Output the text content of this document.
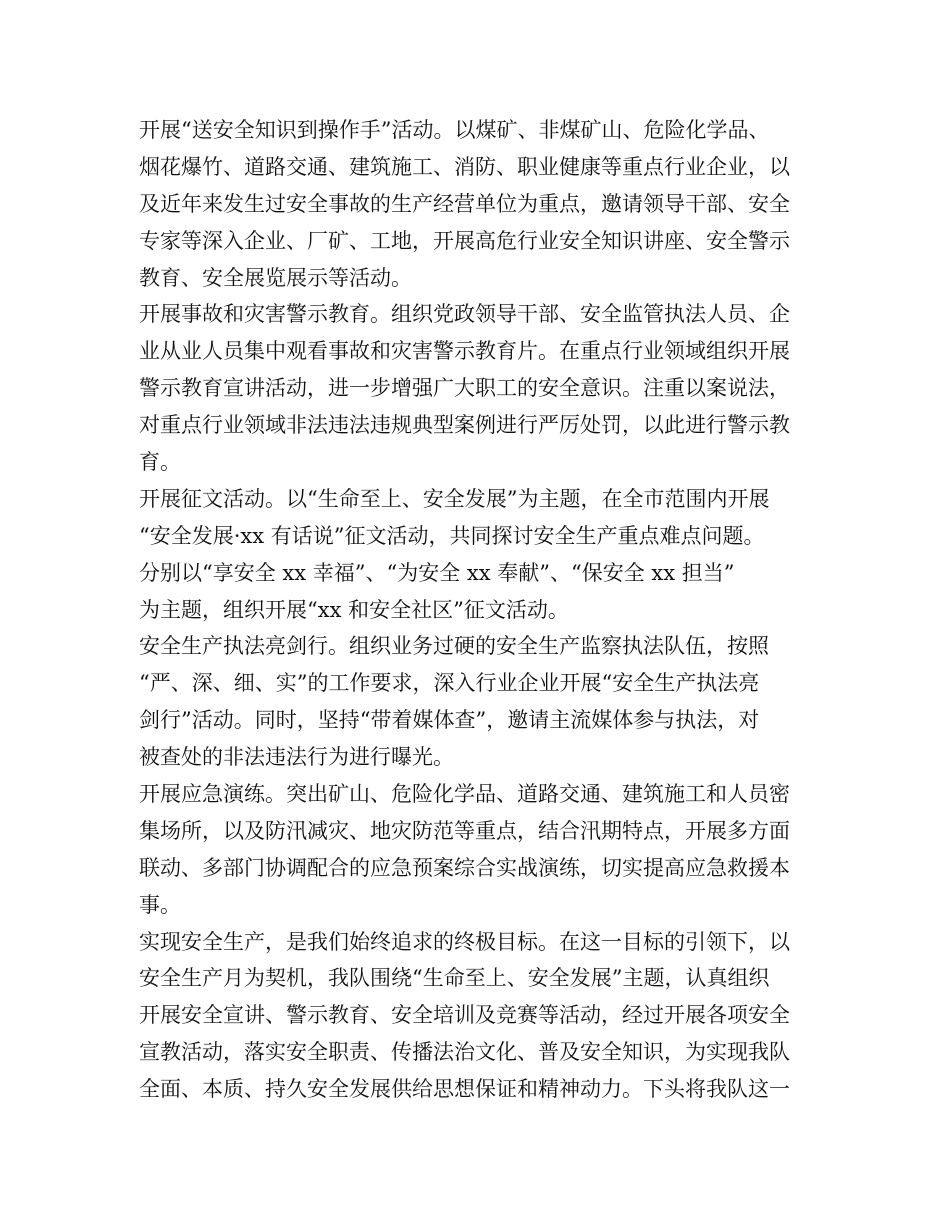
开展“送安全知识到操作手”活动。以煤矿、非煤矿山、危险化学品、
烟花爆竹、道路交通、建筑施工、消防、职业健康等重点行业企业，以
及近年来发生过安全事故的生产经营单位为重点，邀请领导干部、安全
专家等深入企业、厂矿、工地，开展高危行业安全知识讲座、安全警示
教育、安全展览展示等活动。

开展事故和灾害警示教育。组织党政领导干部、安全监管执法人员、企
业从业人员集中观看事故和灾害警示教育片。在重点行业领域组织开展
警示教育宣讲活动，进一步增强广大职工的安全意识。注重以案说法，
对重点行业领域非法违法违规典型案例进行严厉处罚，以此进行警示教
育。

开展征文活动。以“生命至上、安全发展”为主题，在全市范围内开展
“安全发展·xx 有话说”征文活动，共同探讨安全生产重点难点问题。
分别以“享安全 xx 幸福”、“为安全 xx 奉献”、“保安全 xx 担当”
为主题，组织开展“xx 和安全社区”征文活动。

安全生产执法亮剑行。组织业务过硬的安全生产监察执法队伍，按照
“严、深、细、实”的工作要求，深入行业企业开展“安全生产执法亮
剑行”活动。同时，坚持“带着媒体查”，邀请主流媒体参与执法，对
被查处的非法违法行为进行曝光。

开展应急演练。突出矿山、危险化学品、道路交通、建筑施工和人员密
集场所，以及防汛减灾、地灾防范等重点，结合汛期特点，开展多方面
联动、多部门协调配合的应急预案综合实战演练，切实提高应急救援本
事。

实现安全生产，是我们始终追求的终极目标。在这一目标的引领下，以
安全生产月为契机，我队围绕“生命至上、安全发展”主题，认真组织
开展安全宣讲、警示教育、安全培训及竞赛等活动，经过开展各项安全
宣教活动，落实安全职责、传播法治文化、普及安全知识，为实现我队
全面、本质、持久安全发展供给思想保证和精神动力。下头将我队这一
